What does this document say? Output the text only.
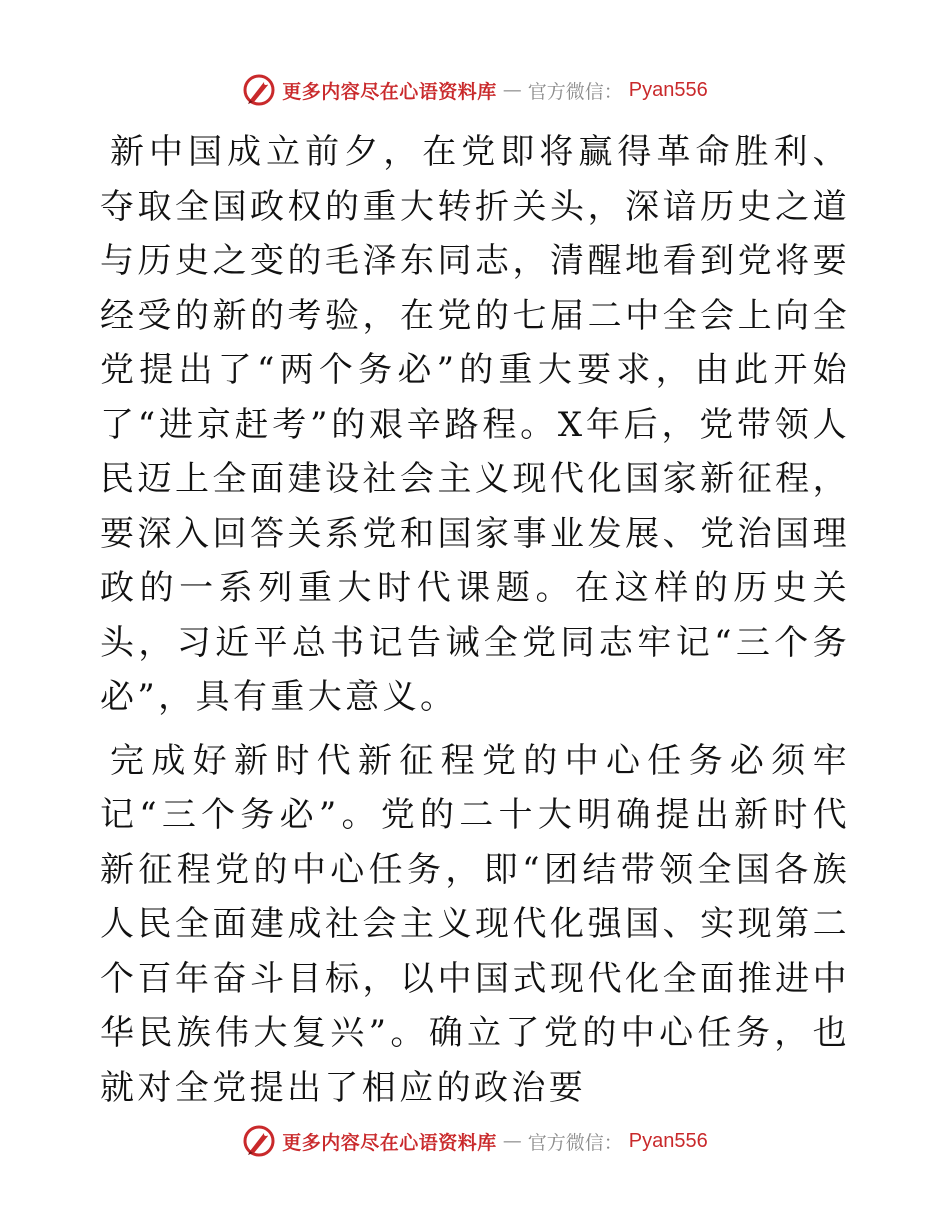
更多内容尽在心语资料库 — 官方微信： Pyan556

新中国成立前夕，在党即将赢得革命胜利、夺取全国政权的重大转折关头，深谙历史之道与历史之变的毛泽东同志，清醒地看到党将要经受的新的考验，在党的七届二中全会上向全党提出了“两个务必”的重大要求，由此开始了“进京赶考”的艰辛路程。X年后，党带领人民迈上全面建设社会主义现代化国家新征程，要深入回答关系党和国家事业发展、党治国理政的一系列重大时代课题。在这样的历史关头，习近平总书记告诫全党同志牢记“三个务必”，具有重大意义。

完成好新时代新征程党的中心任务必须牢记“三个务必”。党的二十大明确提出新时代新征程党的中心任务，即“团结带领全国各族人民全面建成社会主义现代化强国、实现第二个百年奋斗目标，以中国式现代化全面推进中华民族伟大复兴”。确立了党的中心任务，也就对全党提出了相应的政治要

更多内容尽在心语资料库 — 官方微信： Pyan556
